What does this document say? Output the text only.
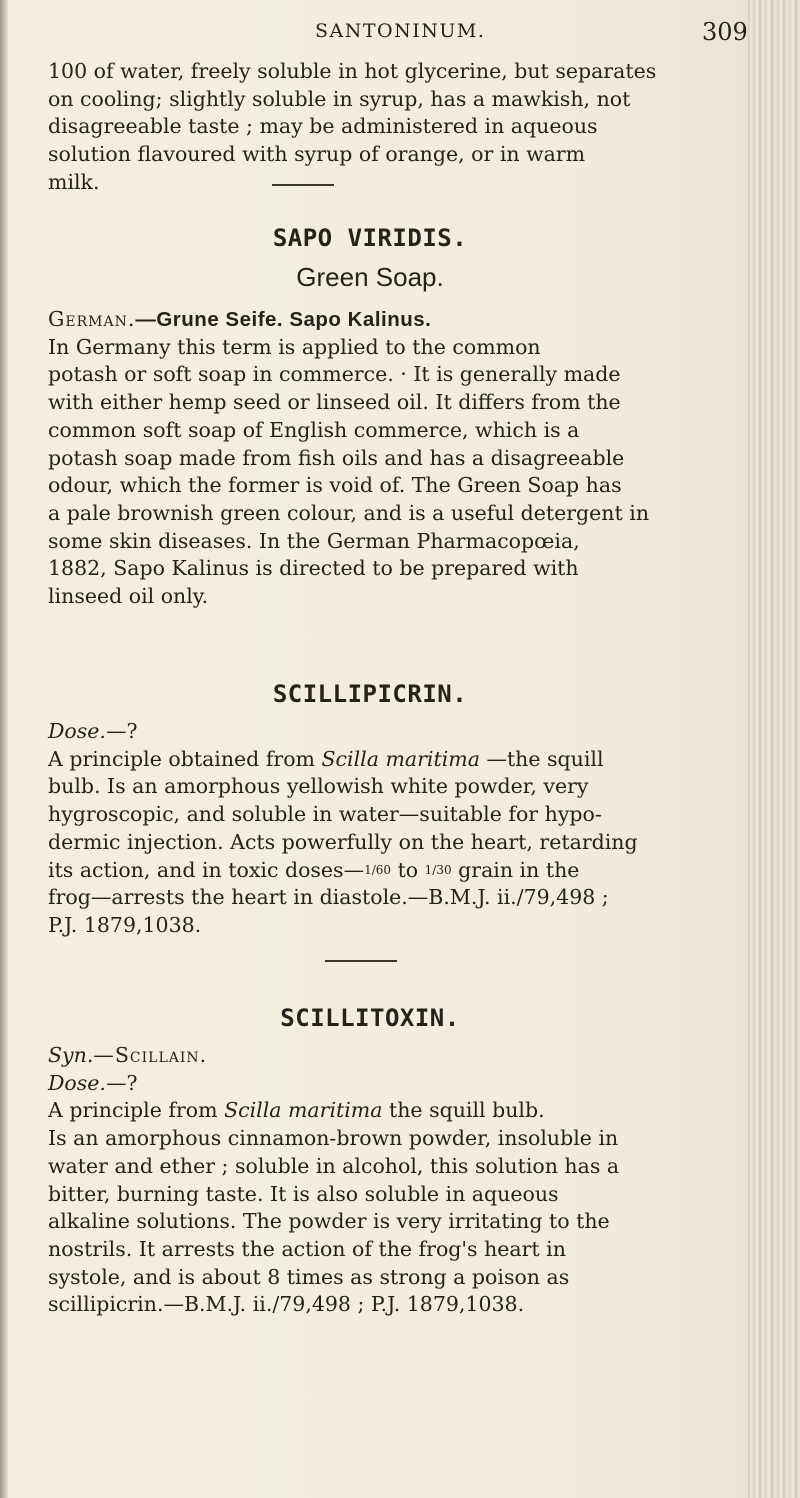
SANTONINUM.	309
100 of water, freely soluble in hot glycerine, but separates
on cooling; slightly soluble in syrup, has a mawkish, not
disagreeable taste ; may be administered in aqueous
solution flavoured with syrup of orange, or in warm
milk.
SAPO VIRIDIS.
Green Soap.
German.—Grune Seife. Sapo Kalinus.
In Germany this term is applied to the common
potash or soft soap in commerce. · It is generally made
with either hemp seed or linseed oil. It differs from the
common soft soap of English commerce, which is a
potash soap made from fish oils and has a disagreeable
odour, which the former is void of. The Green Soap has
a pale brownish green colour, and is a useful detergent in
some skin diseases. In the German Pharmacopœia,
1882, Sapo Kalinus is directed to be prepared with
linseed oil only.
SCILLIPICRIN.
Dose.—?
A principle obtained from Scilla maritima —the squill
bulb. Is an amorphous yellowish white powder, very
hygroscopic, and soluble in water—suitable for hypo-
dermic injection. Acts powerfully on the heart, retarding
its action, and in toxic doses—1/60 to 1/30 grain in the
frog—arrests the heart in diastole.—B.M.J. ii./79,498 ;
P.J. 1879,1038.
SCILLITOXIN.
Syn.—Scillain.
Dose.—?
A principle from Scilla maritima the squill bulb.
Is an amorphous cinnamon-brown powder, insoluble in
water and ether ; soluble in alcohol, this solution has a
bitter, burning taste. It is also soluble in aqueous
alkaline solutions. The powder is very irritating to the
nostrils. It arrests the action of the frog's heart in
systole, and is about 8 times as strong a poison as
scillipicrin.—B.M.J. ii./79,498 ; P.J. 1879,1038.
